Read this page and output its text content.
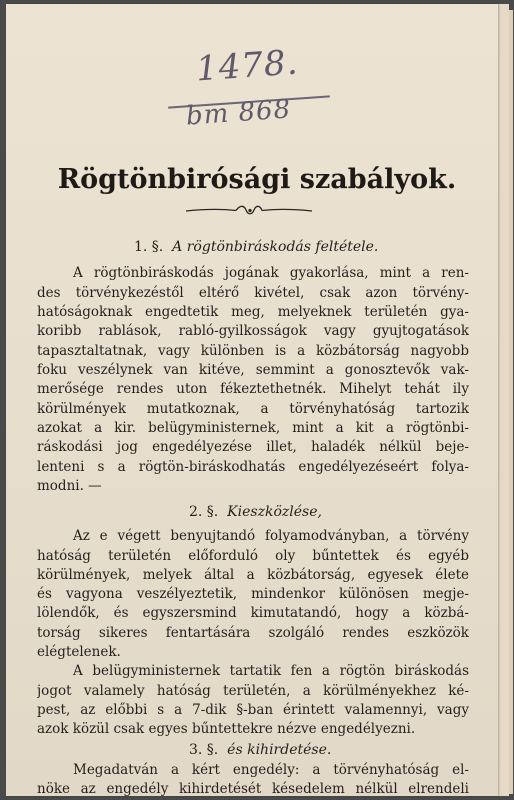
1478.
bm 868
Rögtönbirósági szabályok.

1. §. A rögtönbiráskodás feltétele.

A rögtönbiráskodás jogának gyakorlása, mint a ren-

des törvénykezéstől eltérő kivétel, csak azon törvény-

hatóságoknak engedtetik meg, melyeknek területén gya-

koribb rablások, rabló-gyilkosságok vagy gyujtogatások

tapasztaltatnak, vagy különben is a közbátorság nagyobb

foku veszélynek van kitéve, semmint a gonosztevők vak-

merősége rendes uton fékeztethetnék. Mihelyt tehát ily

körülmények mutatkoznak, a törvényhatóság tartozik

azokat a kir. belügyministernek, mint a kit a rögtönbi-

ráskodási jog engedélyezése illet, haladék nélkül beje-

lenteni s a rögtön-biráskodhatás engedélyezéseért folya-

modni. —

2. §. Kieszközlése,

Az e végett benyujtandó folyamodványban, a törvény

hatóság területén előforduló oly bűntettek és egyéb

körülmények, melyek által a közbátorság, egyesek élete

és vagyona veszélyeztetik, mindenkor különösen megje-

lölendők, és egyszersmind kimutatandó, hogy a közbá-

torság sikeres fentartására szolgáló rendes eszközök

elégtelenek.

A belügyministernek tartatik fen a rögtön biráskodás

jogot valamely hatóság területén, a körülményekhez ké-

pest, az előbbi s a 7-dik §-ban érintett valamennyi, vagy

azok közül csak egyes bűntettekre nézve engedélyezni.

3. §. és kihirdetése.

Megadatván a kért engedély: a törvényhatóság el-

nöke az engedély kihirdetését késedelem nélkül elrendeli
